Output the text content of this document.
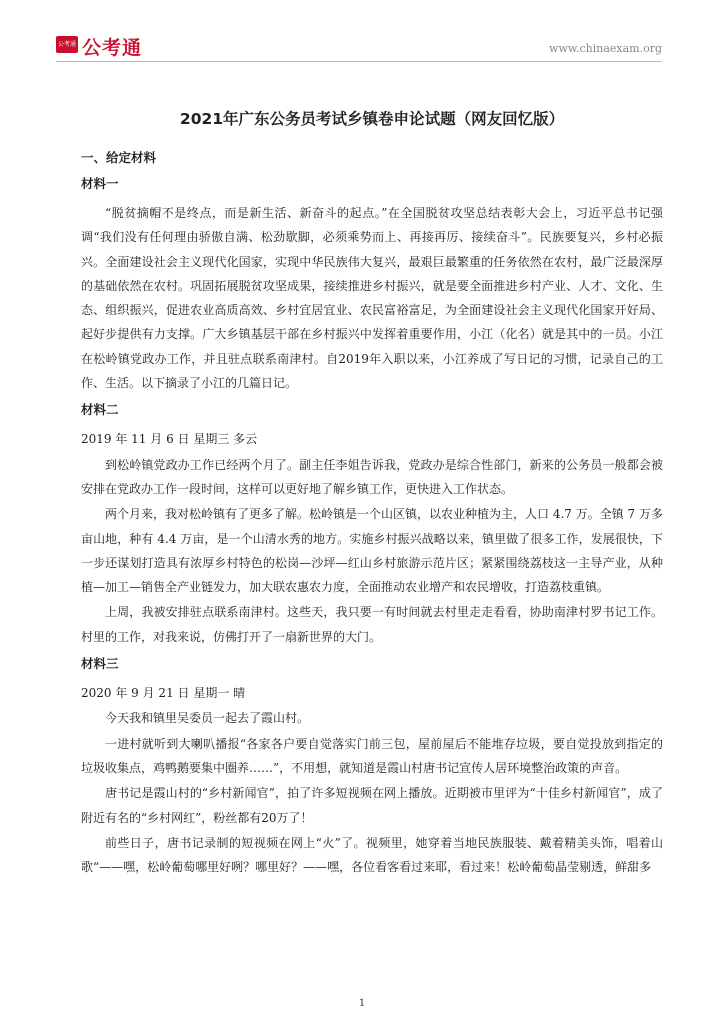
公考通 公考通	www.chinaexam.org
2021年广东公务员考试乡镇卷申论试题（网友回忆版）
一、给定材料
材料一

“脱贫摘帽不是终点，而是新生活、新奋斗的起点。”在全国脱贫攻坚总结表彰大会上，习近平总书记强调“我们没有任何理由骄傲自满、松劲歇脚，必须乘势而上、再接再厉、接续奋斗”。民族要复兴，乡村必振兴。全面建设社会主义现代化国家，实现中华民族伟大复兴，最艰巨最繁重的任务依然在农村，最广泛最深厚的基础依然在农村。巩固拓展脱贫攻坚成果，接续推进乡村振兴，就是要全面推进乡村产业、人才、文化、生态、组织振兴，促进农业高质高效、乡村宜居宜业、农民富裕富足，为全面建设社会主义现代化国家开好局、起好步提供有力支撑。广大乡镇基层干部在乡村振兴中发挥着重要作用，小江（化名）就是其中的一员。小江在松岭镇党政办工作，并且驻点联系南津村。自2019年入职以来，小江养成了写日记的习惯，记录自己的工作、生活。以下摘录了小江的几篇日记。

材料二
2019 年 11 月 6 日 星期三 多云

到松岭镇党政办工作已经两个月了。副主任李姐告诉我，党政办是综合性部门，新来的公务员一般都会被安排在党政办工作一段时间，这样可以更好地了解乡镇工作，更快进入工作状态。

两个月来，我对松岭镇有了更多了解。松岭镇是一个山区镇，以农业种植为主，人口 4.7 万。全镇 7 万多亩山地，种有 4.4 万亩，是一个山清水秀的地方。实施乡村振兴战略以来，镇里做了很多工作，发展很快，下一步还谋划打造具有浓厚乡村特色的松岗—沙坪—红山乡村旅游示范片区；紧紧围绕荔枝这一主导产业，从种植—加工—销售全产业链发力，加大联农惠农力度，全面推动农业增产和农民增收，打造荔枝重镇。

上周，我被安排驻点联系南津村。这些天，我只要一有时间就去村里走走看看，协助南津村罗书记工作。村里的工作，对我来说，仿佛打开了一扇新世界的大门。

材料三
2020 年 9 月 21 日 星期一 晴

今天我和镇里吴委员一起去了霞山村。

一进村就听到大喇叭播报“各家各户要自觉落实门前三包，屋前屋后不能堆存垃圾，要自觉投放到指定的垃圾收集点，鸡鸭鹅要集中圈养……”，不用想，就知道是霞山村唐书记宣传人居环境整治政策的声音。

唐书记是霞山村的“乡村新闻官”，拍了许多短视频在网上播放。近期被市里评为“十佳乡村新闻官”，成了附近有名的“乡村网红”，粉丝都有20万了！

前些日子，唐书记录制的短视频在网上“火”了。视频里，她穿着当地民族服装、戴着精美头饰，唱着山歌“——嘿，松岭葡萄哪里好咧？哪里好？——嘿，各位看客看过来耶，看过来！松岭葡萄晶莹剔透，鲜甜多

1
